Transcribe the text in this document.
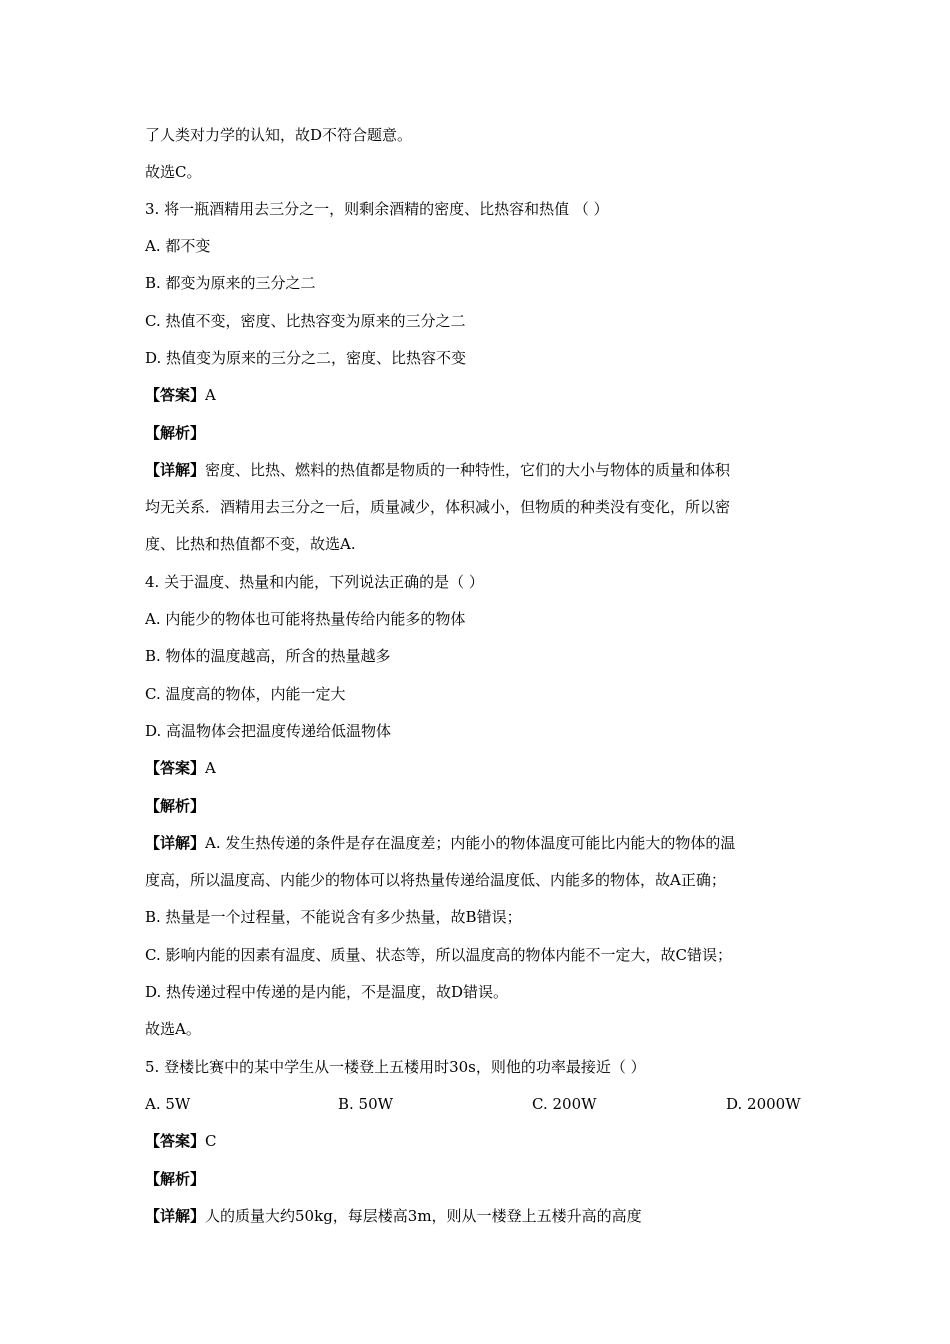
了人类对力学的认知，故D不符合题意。
故选C。
3. 将一瓶酒精用去三分之一，则剩余酒精的密度、比热容和热值 （ ）
A. 都不变
B. 都变为原来的三分之二
C. 热值不变，密度、比热容变为原来的三分之二
D. 热值变为原来的三分之二，密度、比热容不变
【答案】A
【解析】
【详解】密度、比热、燃料的热值都是物质的一种特性，它们的大小与物体的质量和体积
均无关系．酒精用去三分之一后，质量减少，体积减小，但物质的种类没有变化，所以密
度、比热和热值都不变，故选A.
4. 关于温度、热量和内能，下列说法正确的是（ ）
A. 内能少的物体也可能将热量传给内能多的物体
B. 物体的温度越高，所含的热量越多
C. 温度高的物体，内能一定大
D. 高温物体会把温度传递给低温物体
【答案】A
【解析】
【详解】A. 发生热传递的条件是存在温度差；内能小的物体温度可能比内能大的物体的温
度高，所以温度高、内能少的物体可以将热量传递给温度低、内能多的物体，故A正确；
B. 热量是一个过程量，不能说含有多少热量，故B错误；
C. 影响内能的因素有温度、质量、状态等，所以温度高的物体内能不一定大，故C错误；
D. 热传递过程中传递的是内能，不是温度，故D错误。
故选A。
5. 登楼比赛中的某中学生从一楼登上五楼用时30s，则他的功率最接近（ ）
A. 5W	B. 50W	C. 200W	D. 2000W
【答案】C
【解析】
【详解】人的质量大约50kg，每层楼高3m，则从一楼登上五楼升高的高度
